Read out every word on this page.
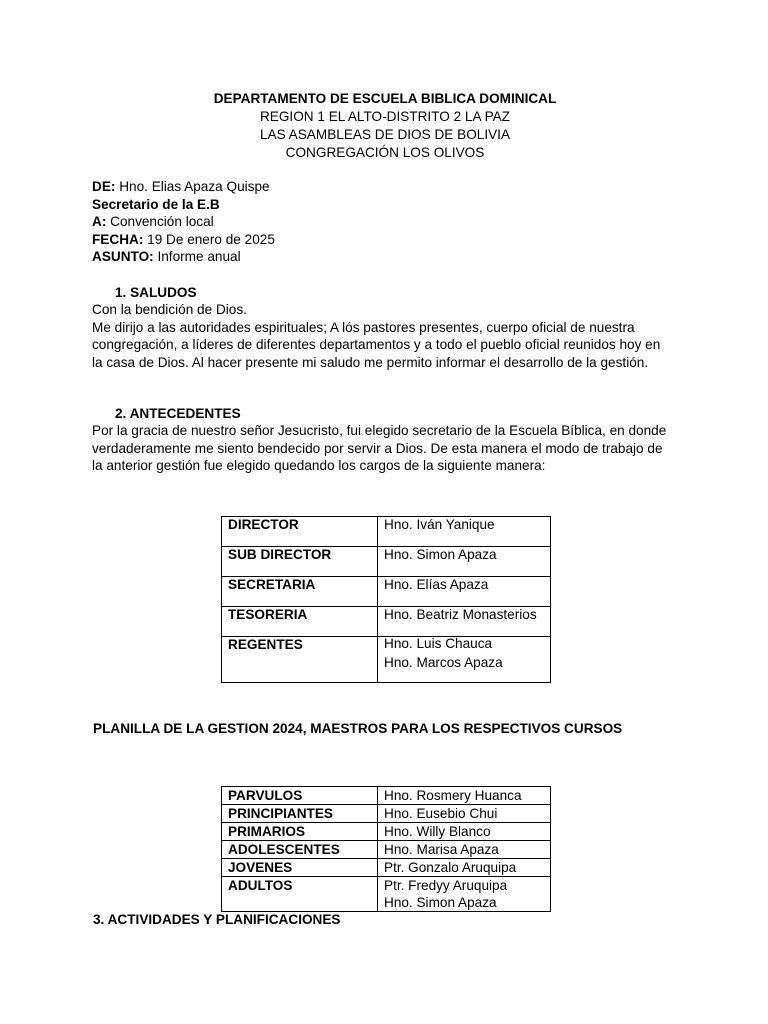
DEPARTAMENTO DE ESCUELA BIBLICA DOMINICAL
REGION 1 EL ALTO-DISTRITO 2 LA PAZ
LAS ASAMBLEAS DE DIOS DE BOLIVIA
CONGREGACIÓN LOS OLIVOS
DE: Hno. Elias Apaza Quispe
Secretario de la E.B
A: Convención local
FECHA: 19 De enero de 2025
ASUNTO: Informe anual
1. SALUDOS
Con la bendición de Dios.
Me dirijo a las autoridades espirituales; A lós pastores presentes, cuerpo oficial de nuestra congregación, a líderes de diferentes departamentos y a todo el pueblo oficial reunidos hoy en la casa de Dios. Al hacer presente mi saludo me permito informar el desarrollo de la gestión.
2. ANTECEDENTES
Por la gracia de nuestro señor Jesucristo, fui elegido secretario de la Escuela Bíblica, en donde verdaderamente me siento bendecido por servir a Dios. De esta manera el modo de trabajo de la anterior gestión fue elegido quedando los cargos de la siguiente manera:
DIRECTOR	Hno. Iván Yanique
SUB DIRECTOR	Hno. Simon Apaza
SECRETARIA	Hno. Elías Apaza
TESORERIA	Hno. Beatriz Monasterios
REGENTES	Hno. Luis Chauca
Hno. Marcos Apaza
PLANILLA DE LA GESTION 2024, MAESTROS PARA LOS RESPECTIVOS CURSOS
PARVULOS	Hno. Rosmery Huanca
PRINCIPIANTES	Hno. Eusebio Chui
PRIMARIOS	Hno. Willy Blanco
ADOLESCENTES	Hno. Marisa Apaza
JOVENES	Ptr. Gonzalo Aruquipa
ADULTOS	Ptr. Fredyy Aruquipa
Hno. Simon Apaza
3. ACTIVIDADES Y PLANIFICACIONES
